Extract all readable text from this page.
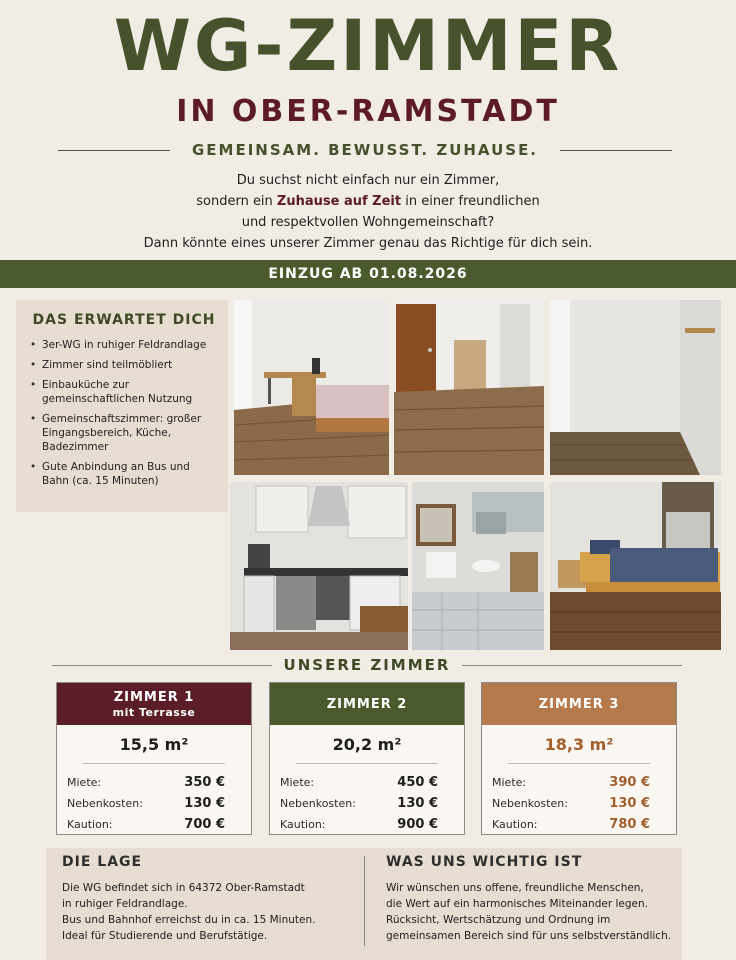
WG-ZIMMER
IN OBER-RAMSTADT
GEMEINSAM. BEWUSST. ZUHAUSE.
Du suchst nicht einfach nur ein Zimmer,
sondern ein Zuhause auf Zeit in einer freundlichen
und respektvollen Wohngemeinschaft?
Dann könnte eines unserer Zimmer genau das Richtige für dich sein.
EINZUG AB 01.08.2026
DAS ERWARTET DICH
• 3er-WG in ruhiger Feldrandlage
• Zimmer sind teilmöbliert
• Einbauküche zur gemeinschaftlichen Nutzung
• Gemeinschaftszimmer: großer Eingangsbereich, Küche, Badezimmer
• Gute Anbindung an Bus und Bahn (ca. 15 Minuten)
UNSERE ZIMMER
ZIMMER 1
mit Terrasse
15,5 m²
Miete:	350 €
Nebenkosten:	130 €
Kaution:	700 €
ZIMMER 2
20,2 m²
Miete:	450 €
Nebenkosten:	130 €
Kaution:	900 €
ZIMMER 3
18,3 m²
Miete:	390 €
Nebenkosten:	130 €
Kaution:	780 €
DIE LAGE

Die WG befindet sich in 64372 Ober-Ramstadt
in ruhiger Feldrandlage.
Bus und Bahnhof erreichst du in ca. 15 Minuten.
Ideal für Studierende und Berufstätige.

WAS UNS WICHTIG IST

Wir wünschen uns offene, freundliche Menschen,
die Wert auf ein harmonisches Miteinander legen.
Rücksicht, Wertschätzung und Ordnung im
gemeinsamen Bereich sind für uns selbstverständlich.
